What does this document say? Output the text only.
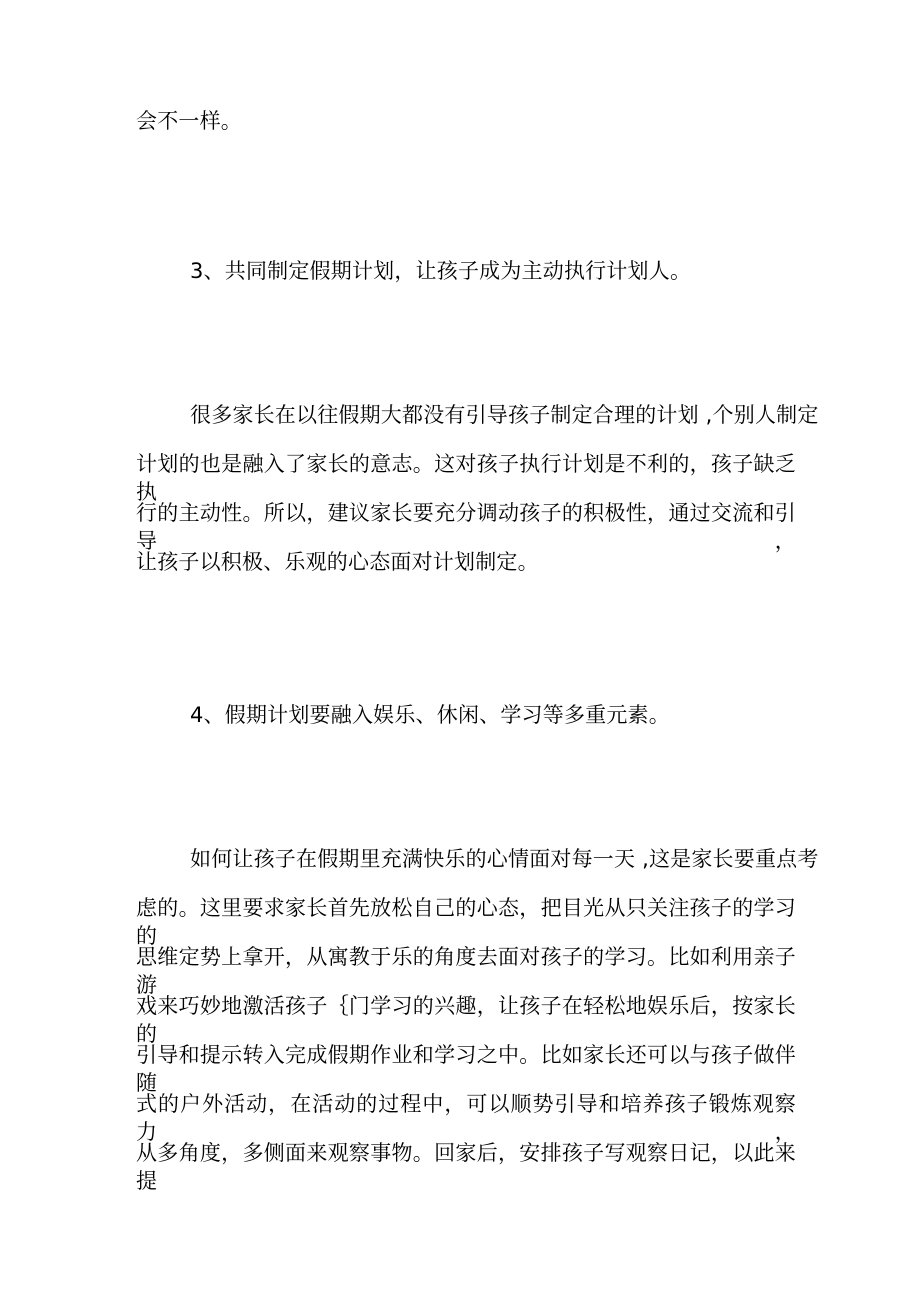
会不一样。
3、共同制定假期计划，让孩子成为主动执行计划人。
很多家长在以往假期大都没有引导孩子制定合理的计划 ,个别人制定
计划的也是融入了家长的意志。这对孩子执行计划是不利的，孩子缺乏执
行的主动性。所以，建议家长要充分调动孩子的积极性，通过交流和引导，
让孩子以积极、乐观的心态面对计划制定。
4、假期计划要融入娱乐、休闲、学习等多重元素。
如何让孩子在假期里充满快乐的心情面对每一天 ,这是家长要重点考
虑的。这里要求家长首先放松自己的心态，把目光从只关注孩子的学习的
思维定势上拿开，从寓教于乐的角度去面对孩子的学习。比如利用亲子游
戏来巧妙地激活孩子｛门学习的兴趣，让孩子在轻松地娱乐后，按家长的
引导和提示转入完成假期作业和学习之中。比如家长还可以与孩子做伴随
式的户外活动，在活动的过程中，可以顺势引导和培养孩子锻炼观察力，
从多角度，多侧面来观察事物。回家后，安排孩子写观察日记，以此来提
